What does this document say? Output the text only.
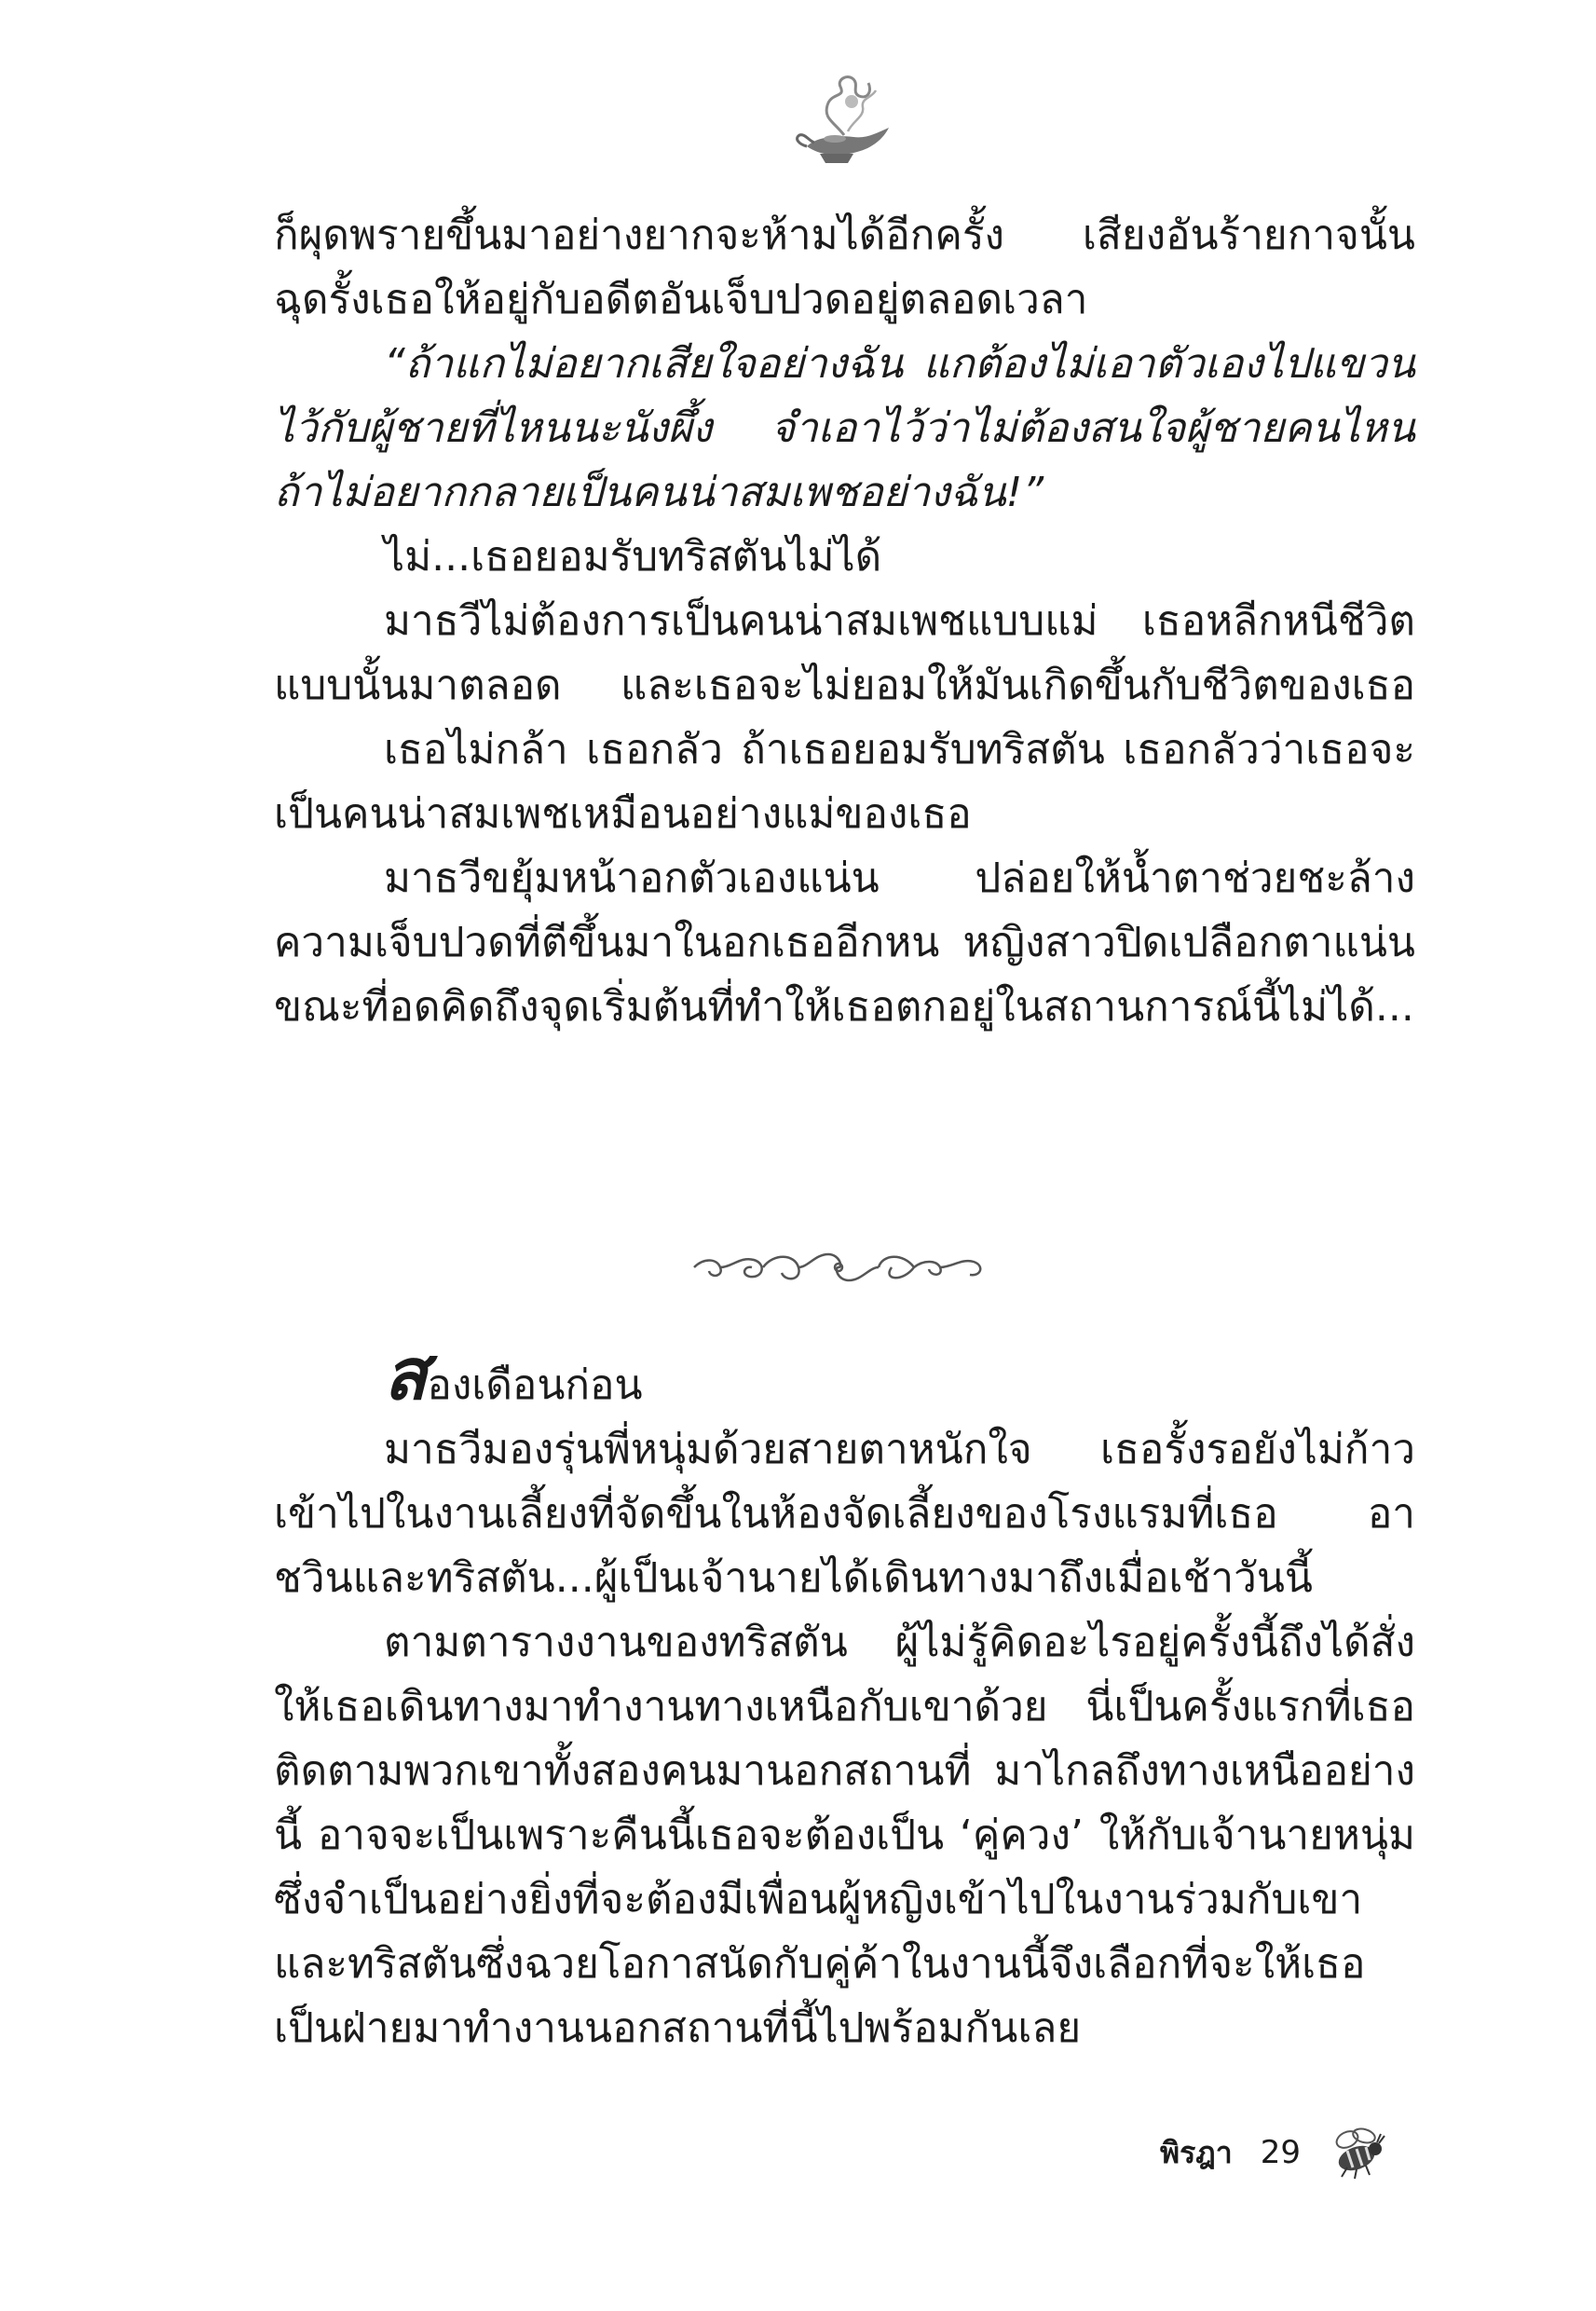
ก็ผุดพรายขึ้นมาอย่างยากจะห้ามได้อีกครั้ง เสียงอันร้ายกาจนั้น ฉุดรั้งเธอให้อยู่กับอดีตอันเจ็บปวดอยู่ตลอดเวลา

“ถ้าแกไม่อยากเสียใจอย่างฉัน แกต้องไม่เอาตัวเองไปแขวนไว้กับผู้ชายที่ไหนนะนังผึ้ง จำเอาไว้ว่าไม่ต้องสนใจผู้ชายคนไหน ถ้าไม่อยากกลายเป็นคนน่าสมเพชอย่างฉัน!”

ไม่...เธอยอมรับทริสตันไม่ได้

มาธวีไม่ต้องการเป็นคนน่าสมเพชแบบแม่ เธอหลีกหนีชีวิตแบบนั้นมาตลอด และเธอจะไม่ยอมให้มันเกิดขึ้นกับชีวิตของเธอ

เธอไม่กล้า เธอกลัว ถ้าเธอยอมรับทริสตัน เธอกลัวว่าเธอจะเป็นคนน่าสมเพชเหมือนอย่างแม่ของเธอ

มาธวีขยุ้มหน้าอกตัวเองแน่น ปล่อยให้น้ำตาช่วยชะล้างความเจ็บปวดที่ตีขึ้นมาในอกเธออีกหน หญิงสาวปิดเปลือกตาแน่นขณะที่อดคิดถึงจุดเริ่มต้นที่ทำให้เธอตกอยู่ในสถานการณ์นี้ไม่ได้...

สองเดือนก่อน

มาธวีมองรุ่นพี่หนุ่มด้วยสายตาหนักใจ เธอรั้งรอยังไม่ก้าวเข้าไปในงานเลี้ยงที่จัดขึ้นในห้องจัดเลี้ยงของโรงแรมที่เธอ อาชวินและทริสตัน...ผู้เป็นเจ้านายได้เดินทางมาถึงเมื่อเช้าวันนี้

ตามตารางงานของทริสตัน ผู้ไม่รู้คิดอะไรอยู่ครั้งนี้ถึงได้สั่งให้เธอเดินทางมาทำงานทางเหนือกับเขาด้วย นี่เป็นครั้งแรกที่เธอติดตามพวกเขาทั้งสองคนมานอกสถานที่ มาไกลถึงทางเหนืออย่างนี้ อาจจะเป็นเพราะคืนนี้เธอจะต้องเป็น ‘คู่ควง’ ให้กับเจ้านายหนุ่ม ซึ่งจำเป็นอย่างยิ่งที่จะต้องมีเพื่อนผู้หญิงเข้าไปในงานร่วมกับเขา และทริสตันซึ่งฉวยโอกาสนัดกับคู่ค้าในงานนี้จึงเลือกที่จะให้เธอเป็นฝ่ายมาทำงานนอกสถานที่นี้ไปพร้อมกันเลย

พิรฎา 29
